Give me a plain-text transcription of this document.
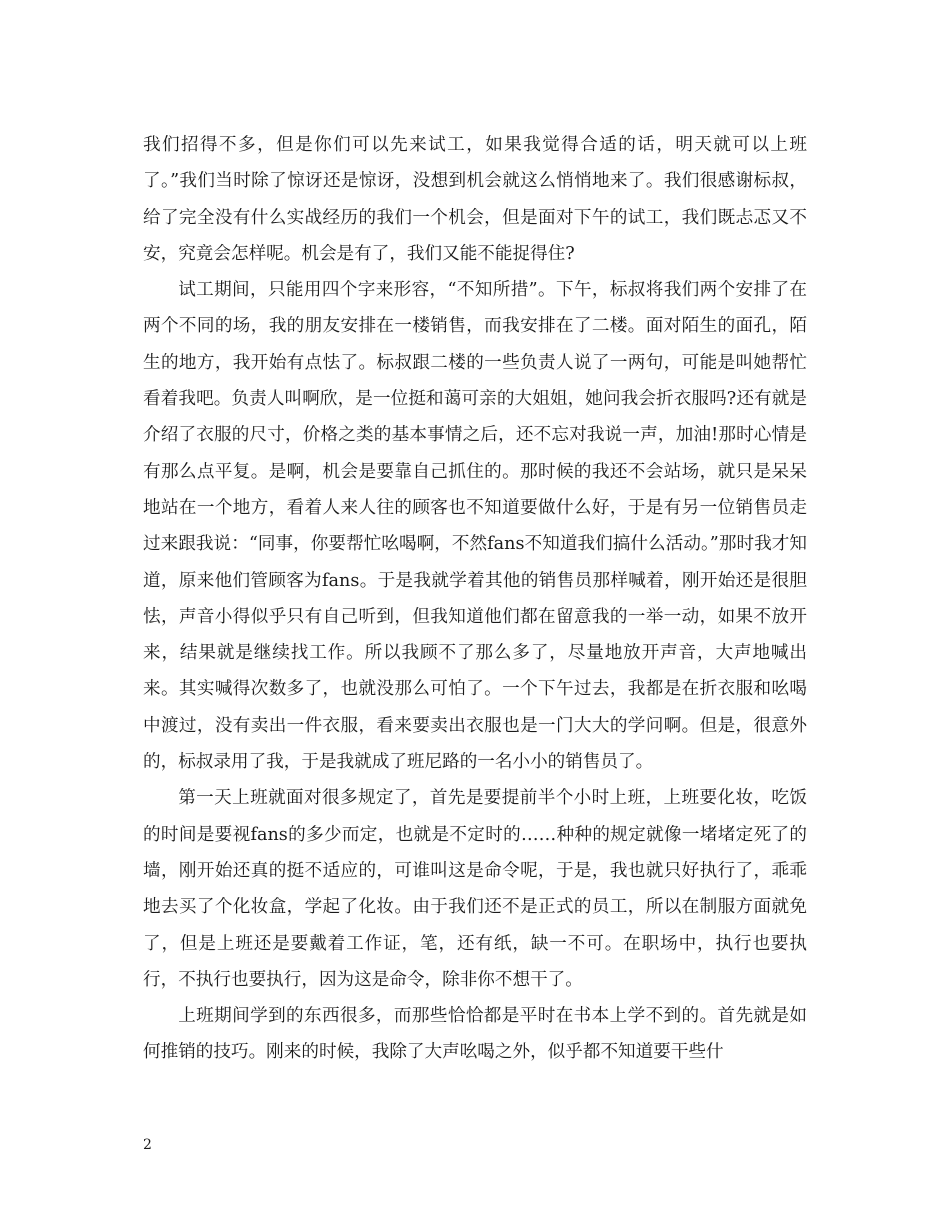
我们招得不多，但是你们可以先来试工，如果我觉得合适的话，明天就可以上班了。”我们当时除了惊讶还是惊讶，没想到机会就这么悄悄地来了。我们很感谢标叔，给了完全没有什么实战经历的我们一个机会，但是面对下午的试工，我们既忐忑又不安，究竟会怎样呢。机会是有了，我们又能不能捉得住?

试工期间，只能用四个字来形容，“不知所措”。下午，标叔将我们两个安排了在两个不同的场，我的朋友安排在一楼销售，而我安排在了二楼。面对陌生的面孔，陌生的地方，我开始有点怯了。标叔跟二楼的一些负责人说了一两句，可能是叫她帮忙看着我吧。负责人叫啊欣，是一位挺和蔼可亲的大姐姐，她问我会折衣服吗?还有就是介绍了衣服的尺寸，价格之类的基本事情之后，还不忘对我说一声，加油!那时心情是有那么点平复。是啊，机会是要靠自己抓住的。那时候的我还不会站场，就只是呆呆地站在一个地方，看着人来人往的顾客也不知道要做什么好，于是有另一位销售员走过来跟我说：“同事，你要帮忙吆喝啊，不然fans不知道我们搞什么活动。”那时我才知道，原来他们管顾客为fans。于是我就学着其他的销售员那样喊着，刚开始还是很胆怯，声音小得似乎只有自己听到，但我知道他们都在留意我的一举一动，如果不放开来，结果就是继续找工作。所以我顾不了那么多了，尽量地放开声音，大声地喊出来。其实喊得次数多了，也就没那么可怕了。一个下午过去，我都是在折衣服和吆喝中渡过，没有卖出一件衣服，看来要卖出衣服也是一门大大的学问啊。但是，很意外的，标叔录用了我，于是我就成了班尼路的一名小小的销售员了。

第一天上班就面对很多规定了，首先是要提前半个小时上班，上班要化妆，吃饭的时间是要视fans的多少而定，也就是不定时的……种种的规定就像一堵堵定死了的墙，刚开始还真的挺不适应的，可谁叫这是命令呢，于是，我也就只好执行了，乖乖地去买了个化妆盒，学起了化妆。由于我们还不是正式的员工，所以在制服方面就免了，但是上班还是要戴着工作证，笔，还有纸，缺一不可。在职场中，执行也要执行，不执行也要执行，因为这是命令，除非你不想干了。

上班期间学到的东西很多，而那些恰恰都是平时在书本上学不到的。首先就是如何推销的技巧。刚来的时候，我除了大声吆喝之外，似乎都不知道要干些什

2
